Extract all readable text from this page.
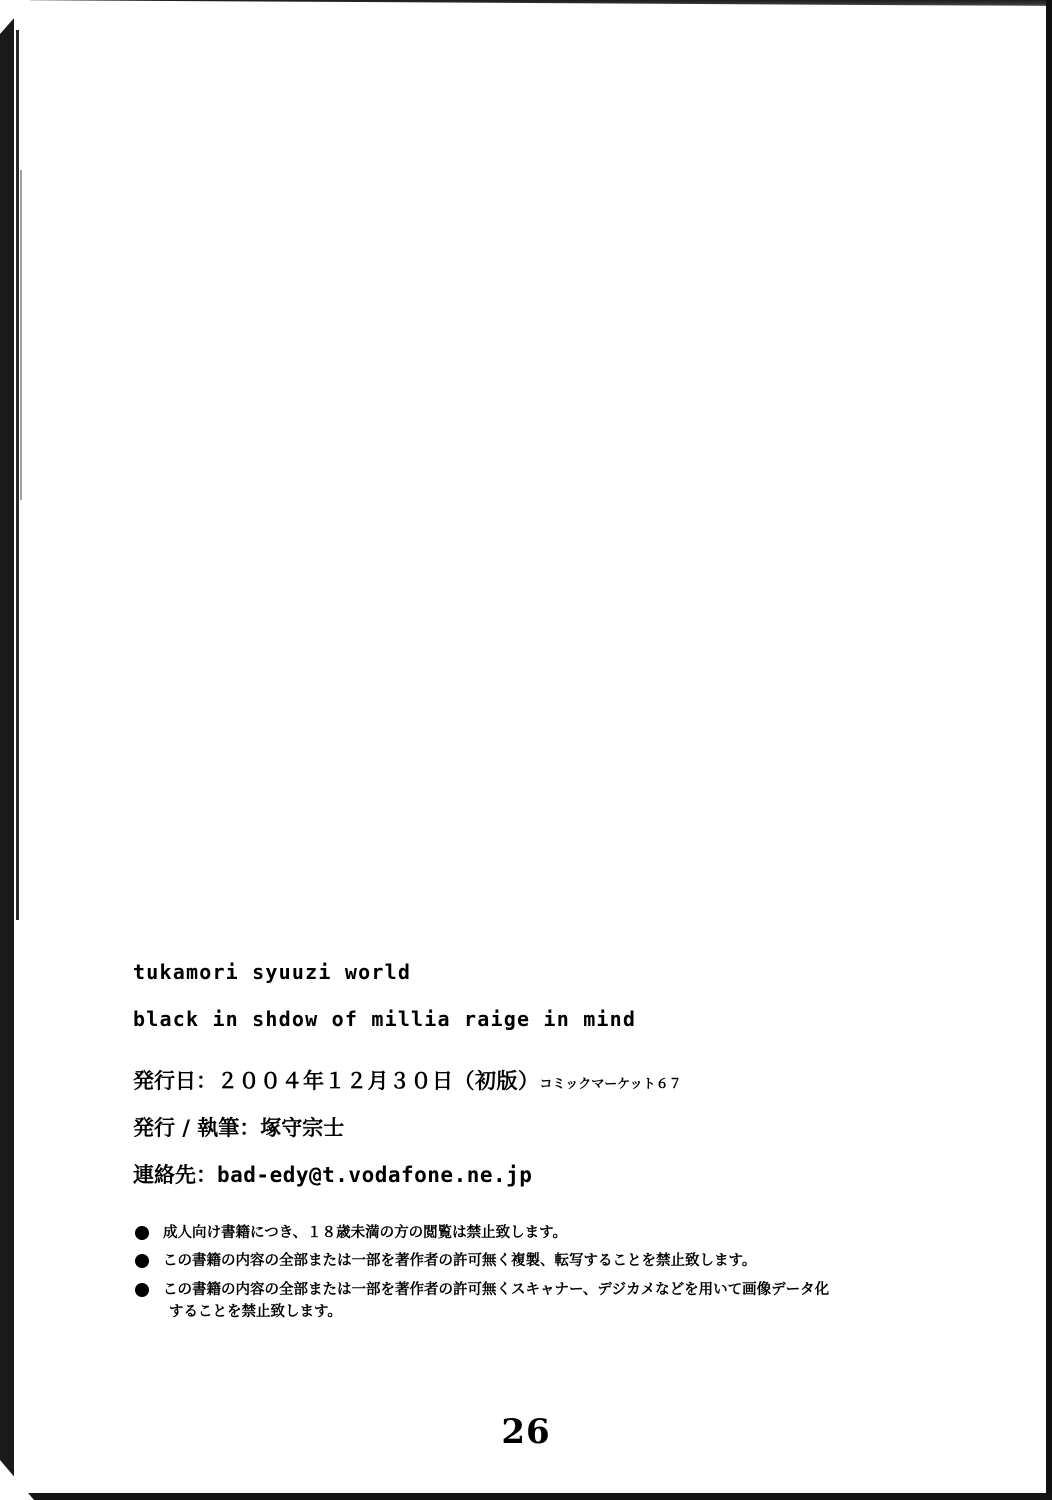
tukamori syuuzi world
black in shdow of millia raige in mind
発行日：２００４年１２月３０日（初版）コミックマーケット６７
発行 / 執筆：塚守宗士
連絡先：bad-edy@t.vodafone.ne.jp
成人向け書籍につき、１８歳未満の方の閲覧は禁止致します。
この書籍の内容の全部または一部を著作者の許可無く複製、転写することを禁止致します。
この書籍の内容の全部または一部を著作者の許可無くスキャナー、デジカメなどを用いて画像データ化
することを禁止致します。
26
